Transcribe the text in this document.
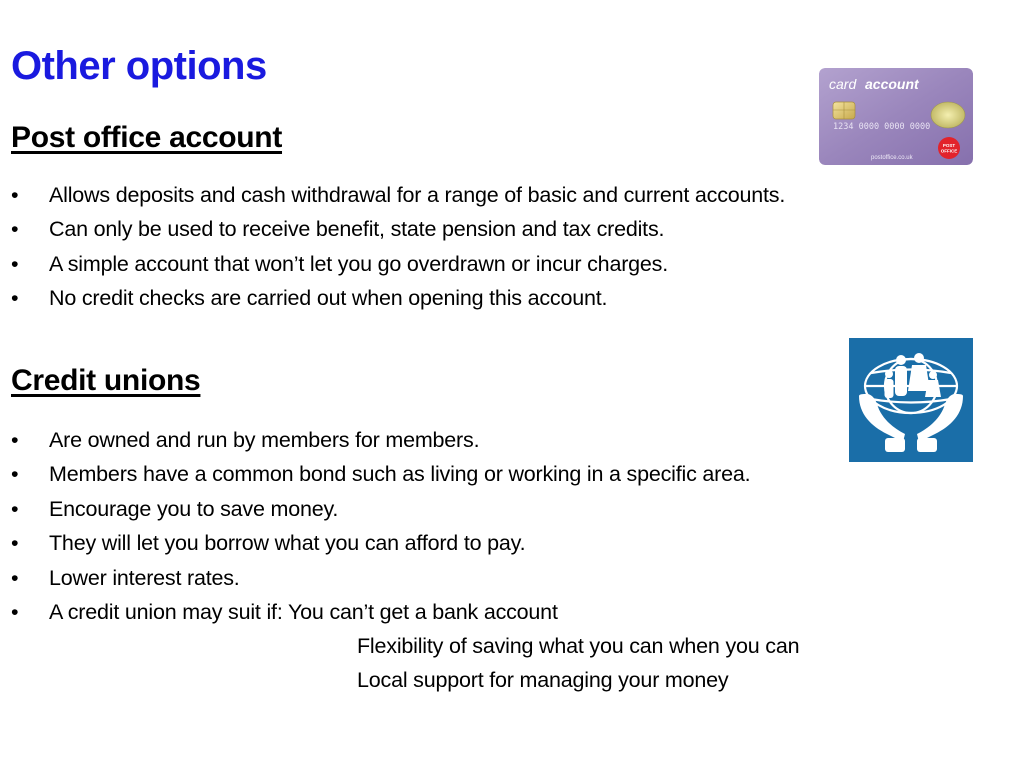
Other options	card account
1234 0000 0000 0000
postoffice.co.uk
POST
OFFICE
Post office account
• Allows deposits and cash withdrawal for a range of basic and current accounts.
• Can only be used to receive benefit, state pension and tax credits.
• A simple account that won’t let you go overdrawn or incur charges.
• No credit checks are carried out when opening this account.
Credit unions
• Are owned and run by members for members.
• Members have a common bond such as living or working in a specific area.
• Encourage you to save money.
• They will let you borrow what you can afford to pay.
• Lower interest rates.
• A credit union may suit if: You can’t get a bank account
Flexibility of saving what you can when you can
Local support for managing your money
